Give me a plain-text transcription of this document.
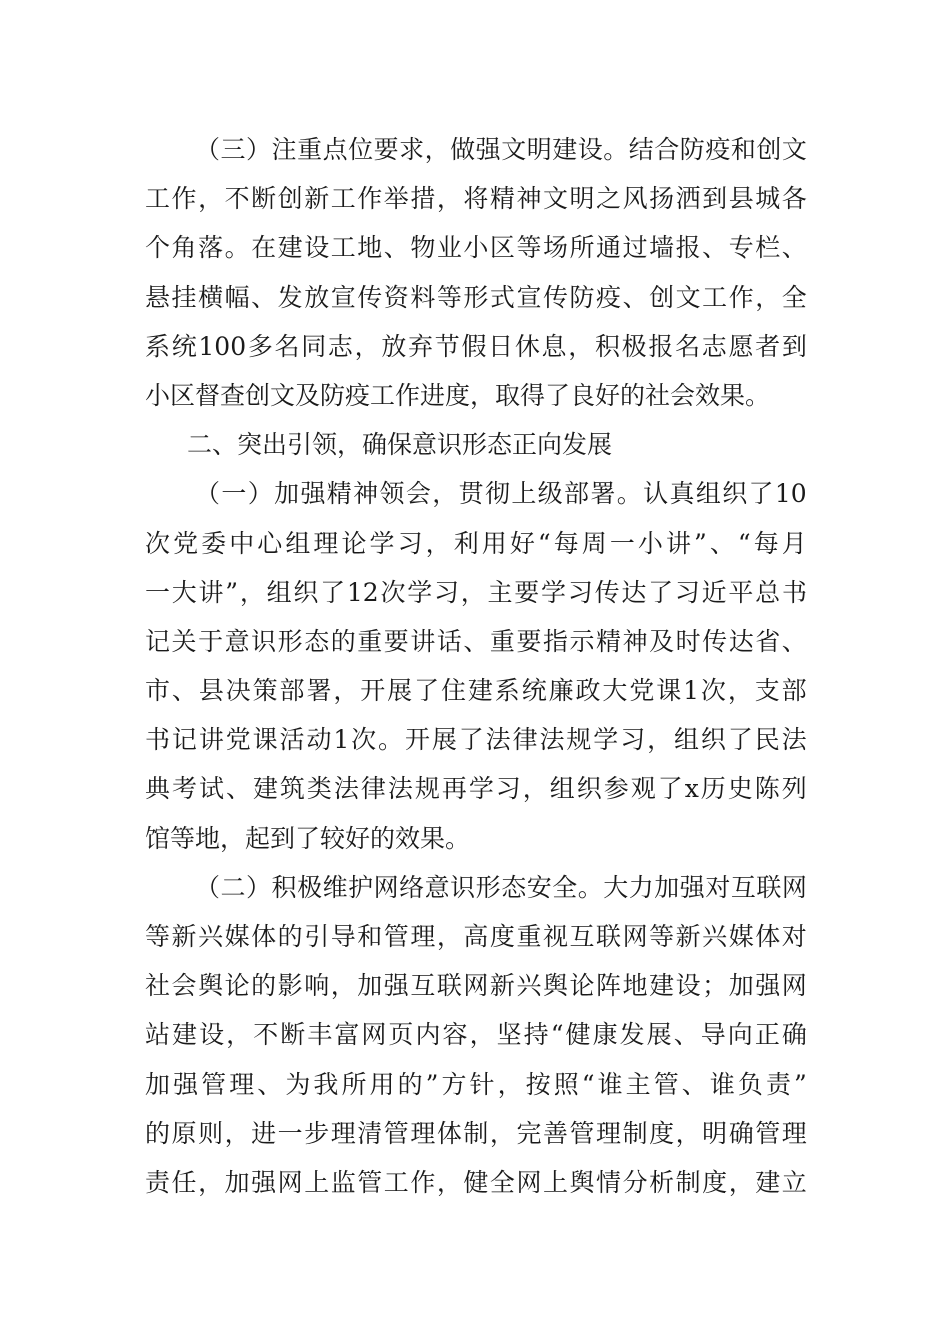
（ 三 ） 注 重 点 位 要 求 ， 做 强 文 明 建 设 。 结 合 防 疫 和 创 文
工 作 ， 不 断 创 新 工 作 举 措 ， 将 精 神 文 明 之 风 扬 洒 到 县 城 各
个 角 落 。 在 建 设 工 地 、 物 业 小 区 等 场 所 通 过 墙 报 、 专 栏 、
悬 挂 横 幅 、 发 放 宣 传 资 料 等 形 式 宣 传 防 疫 、 创 文 工 作 ， 全
系 统 100 多 名 同 志 ， 放 弃 节 假 日 休 息 ， 积 极 报 名 志 愿 者 到
小区督查创文及防疫工作进度，取得了良好的社会效果。
二、突出引领，确保意识形态正向发展
（ 一 ） 加 强 精 神 领 会 ， 贯 彻 上 级 部 署 。 认 真 组 织 了 10
次 党 委 中 心 组 理 论 学 习 ， 利 用 好 “ 每 周 一 小 讲 ” 、 “ 每 月
一 大 讲 ” ， 组 织 了 12 次 学 习 ， 主 要 学 习 传 达 了 习 近 平 总 书
记 关 于 意 识 形 态 的 重 要 讲 话 、 重 要 指 示 精 神 及 时 传 达 省 、
市 、 县 决 策 部 署 ， 开 展 了 住 建 系 统 廉 政 大 党 课 1 次 ， 支 部
书 记 讲 党 课 活 动 1 次 。 开 展 了 法 律 法 规 学 习 ， 组 织 了 民 法
典 考 试 、 建 筑 类 法 律 法 规 再 学 习 ， 组 织 参 观 了 x 历 史 陈 列
馆等地，起到了较好的效果。
（ 二 ） 积 极 维 护 网 络 意 识 形 态 安 全 。 大 力 加 强 对 互 联 网
等 新 兴 媒 体 的 引 导 和 管 理 ， 高 度 重 视 互 联 网 等 新 兴 媒 体 对
社 会 舆 论 的 影 响 ， 加 强 互 联 网 新 兴 舆 论 阵 地 建 设 ； 加 强 网
站 建 设 ， 不 断 丰 富 网 页 内 容 ， 坚 持 “ 健 康 发 展 、 导 向 正 确
加 强 管 理 、 为 我 所 用 的 ” 方 针 ， 按 照 “ 谁 主 管 、 谁 负 责 ”
的 原 则 ， 进 一 步 理 清 管 理 体 制 ， 完 善 管 理 制 度 ， 明 确 管 理
责 任 ， 加 强 网 上 监 管 工 作 ， 健 全 网 上 舆 情 分 析 制 度 ， 建 立
